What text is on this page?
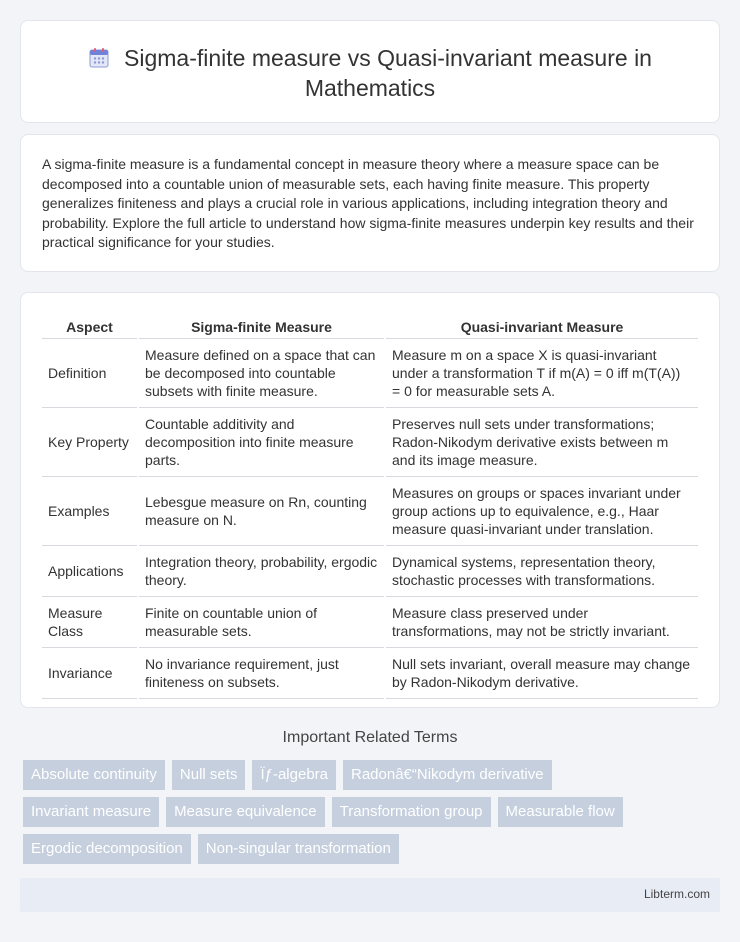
Sigma-finite measure vs Quasi-invariant measure in Mathematics

A sigma-finite measure is a fundamental concept in measure theory where a measure space can be decomposed into a countable union of measurable sets, each having finite measure. This property generalizes finiteness and plays a crucial role in various applications, including integration theory and probability. Explore the full article to understand how sigma-finite measures underpin key results and their practical significance for your studies.

Aspect	Sigma-finite Measure	Quasi-invariant Measure
Definition	Measure defined on a space that can be decomposed into countable subsets with finite measure.	Measure m on a space X is quasi-invariant under a transformation T if m(A) = 0 iff m(T(A)) = 0 for measurable sets A.
Key Property	Countable additivity and decomposition into finite measure parts.	Preserves null sets under transformations; Radon-Nikodym derivative exists between m and its image measure.
Examples	Lebesgue measure on Rn, counting measure on N.	Measures on groups or spaces invariant under group actions up to equivalence, e.g., Haar measure quasi-invariant under translation.
Applications	Integration theory, probability, ergodic theory.	Dynamical systems, representation theory, stochastic processes with transformations.
Measure Class	Finite on countable union of measurable sets.	Measure class preserved under transformations, may not be strictly invariant.
Invariance	No invariance requirement, just finiteness on subsets.	Null sets invariant, overall measure may change by Radon-Nikodym derivative.
Important Related Terms
Absolute continuity	Null sets	Ïƒ-algebra	Radonâ€“Nikodym derivative
Invariant measure	Measure equivalence	Transformation group	Measurable flow
Ergodic decomposition	Non-singular transformation
Libterm.com
